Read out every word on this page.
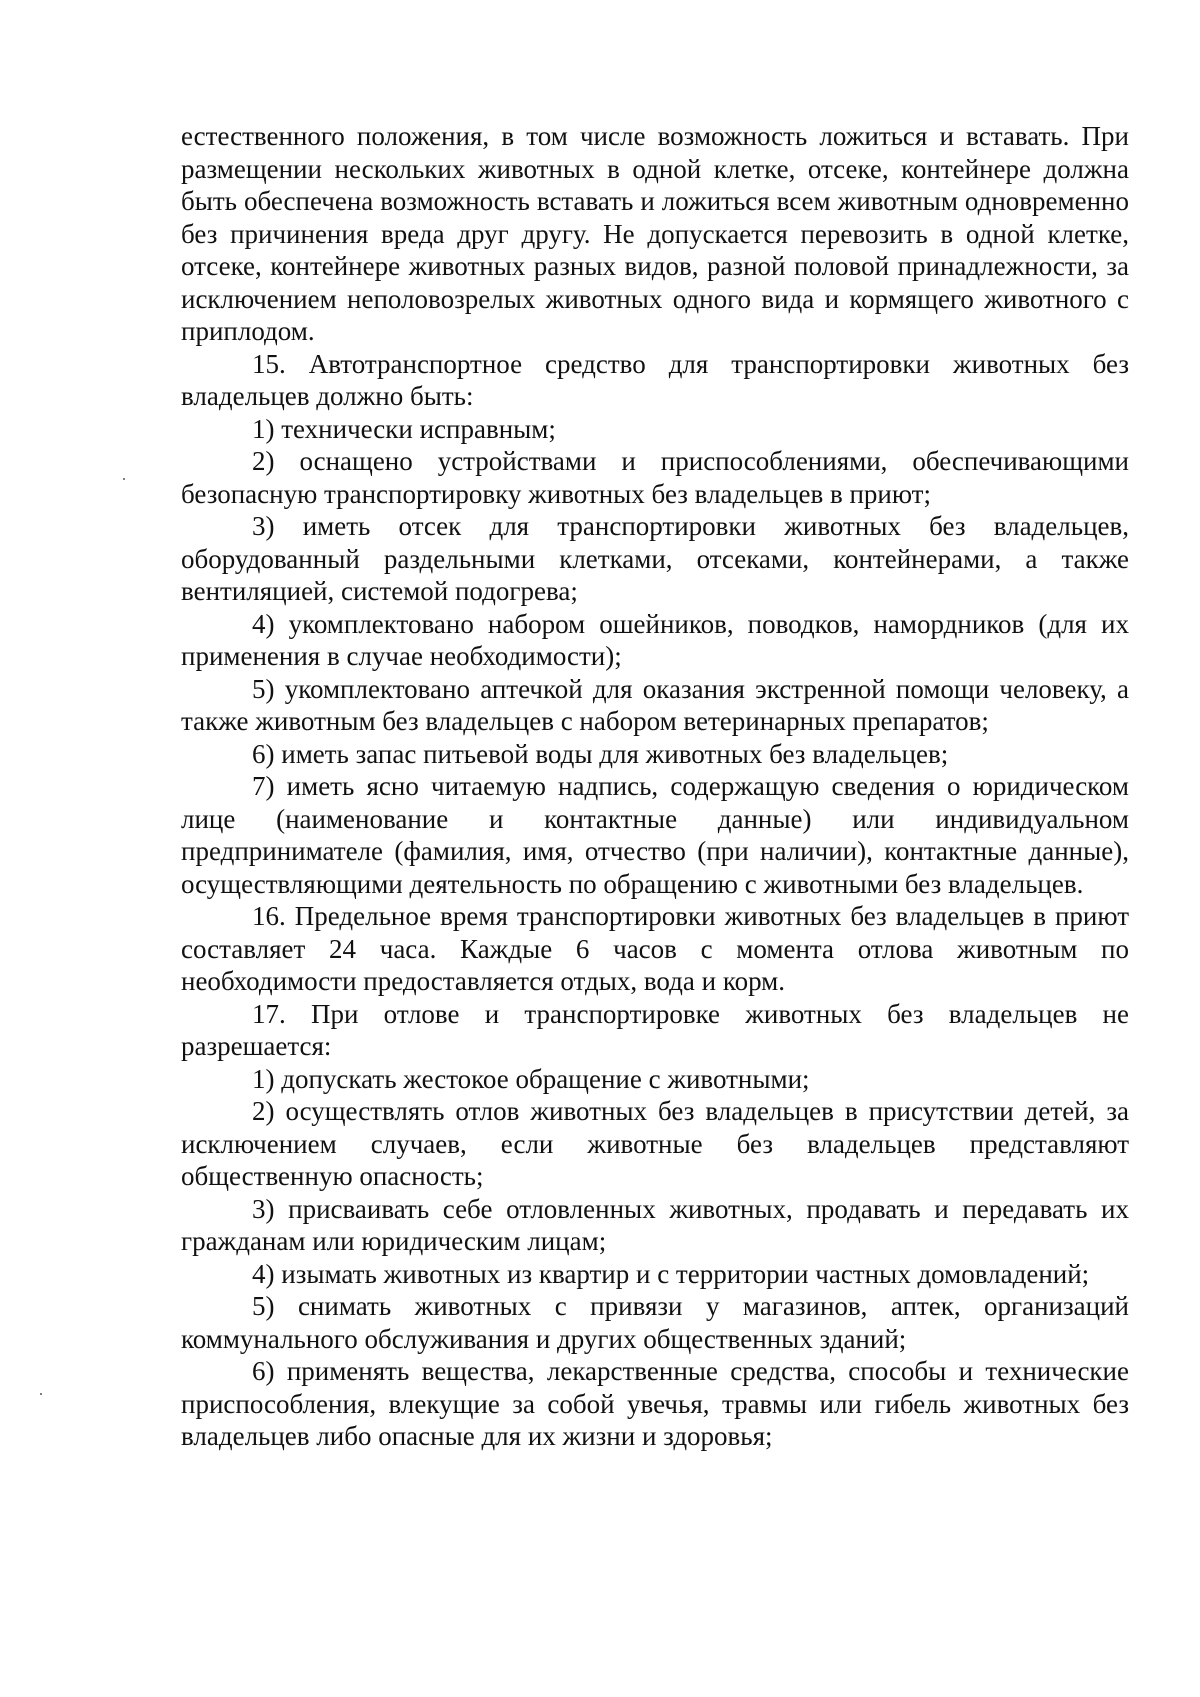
естественного положения, в том числе возможность ложиться и вставать. При размещении нескольких животных в одной клетке, отсеке, контейнере должна быть обеспечена возможность вставать и ложиться всем животным одновременно без причинения вреда друг другу. Не допускается перевозить в одной клетке, отсеке, контейнере животных разных видов, разной половой принадлежности, за исключением неполовозрелых животных одного вида и кормящего животного с приплодом.

15. Автотранспортное средство для транспортировки животных без владельцев должно быть:

1) технически исправным;

2) оснащено устройствами и приспособлениями, обеспечивающими безопасную транспортировку животных без владельцев в приют;

3) иметь отсек для транспортировки животных без владельцев, оборудованный раздельными клетками, отсеками, контейнерами, а также вентиляцией, системой подогрева;

4) укомплектовано набором ошейников, поводков, намордников (для их применения в случае необходимости);

5) укомплектовано аптечкой для оказания экстренной помощи человеку, а также животным без владельцев с набором ветеринарных препаратов;

6) иметь запас питьевой воды для животных без владельцев;

7) иметь ясно читаемую надпись, содержащую сведения о юридическом лице (наименование и контактные данные) или индивидуальном предпринимателе (фамилия, имя, отчество (при наличии), контактные данные), осуществляющими деятельность по обращению с животными без владельцев.

16. Предельное время транспортировки животных без владельцев в приют составляет 24 часа. Каждые 6 часов с момента отлова животным по необходимости предоставляется отдых, вода и корм.

17. При отлове и транспортировке животных без владельцев не разрешается:

1) допускать жестокое обращение с животными;

2) осуществлять отлов животных без владельцев в присутствии детей, за исключением случаев, если животные без владельцев представляют общественную опасность;

3) присваивать себе отловленных животных, продавать и передавать их гражданам или юридическим лицам;

4) изымать животных из квартир и с территории частных домовладений;

5) снимать животных с привязи у магазинов, аптек, организаций коммунального обслуживания и других общественных зданий;

6) применять вещества, лекарственные средства, способы и технические приспособления, влекущие за собой увечья, травмы или гибель животных без владельцев либо опасные для их жизни и здоровья;
